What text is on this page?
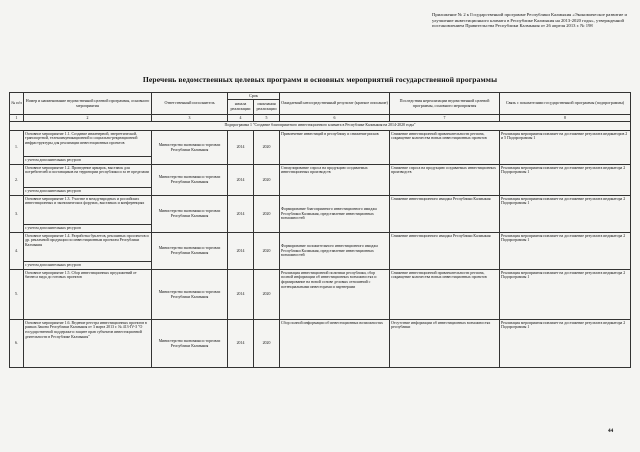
Приложение № 2 к Государственной программе Республики Калмыкия «Экономическое развитие и улучшение инвестиционного климата в Республике Калмыкия на 2013-2020 годы», утвержденной постановлением Правительства Республики Калмыкия от 26 апреля 2013 г. № 198
Перечень ведомственных целевых программ и основных мероприятий государственной программы
№ п/п	Номер и наименование ведомственной целевой программы, основного мероприятия	Ответственный исполнитель	Срок		Ожидаемый непосредственный результат (краткое описание)	Последствия нереализации ведомственной целевой программы, основного мероприятия	Связь с показателями государственной программы (подпрограммы)
			начала реализации	окончания реализации			
1	2	3	4	5	6	7	8
Подпрограмма 1 "Создание благоприятного инвестиционного климата в Республике Калмыкия на 2014-2020 годы"							
1.	Основное мероприятие 1.1. Создание инженерной, энергетической, транспортной, телекоммуникационной и социально-рекреационной инфраструктуры для реализации инвестиционных проектов	Министерство экономики и торговли Республики Калмыкия	2014	2020	Привлечение инвестиций в республику и снижение рисков	Снижение инвестиционной привлекательности региона, сокращение количества новых инвестиционных проектов	Реализация мероприятия повлияет на достижение результата индикаторов 2 и 5 Подпрограммы 1
	с учетом дополнительных ресурсов						
2.	Основное мероприятие 1.2. Проведение ярмарок, выставок для потребителей и поставщиков на территории республики и за ее пределами	Министерство экономики и торговли Республики Калмыкия	2014	2020	Стимулирование спроса на продукцию создаваемых инвестиционных производств	Снижение спроса на продукцию создаваемых инвестиционных производств	Реализация мероприятия повлияет на достижение результата индикатора 2 Подпрограммы 1
	с учетом дополнительных ресурсов						
3.	Основное мероприятие 1.3. Участие в международных и российских инвестиционных и экономических форумах, выставках и конференциях	Министерство экономики и торговли Республики Калмыкия	2014	2020	Формирование благоприятного инвестиционного имиджа Республики Калмыкия, представление инвестиционных возможностей	Снижение инвестиционного имиджа Республики Калмыкия	Реализация мероприятия повлияет на достижение результата индикатора 2 Подпрограммы 1
	с учетом дополнительных ресурсов						
4.	Основное мероприятие 1.4. Разработка буклетов, рекламных проспектов и др. рекламной продукции по инвестиционным проектам Республики Калмыкия	Министерство экономики и торговли Республики Калмыкия	2014	2020	Формирование положительного инвестиционного имиджа Республики Калмыкия, представление инвестиционных возможностей	Снижение инвестиционного имиджа Республики Калмыкия	Реализация мероприятия повлияет на достижение результата индикатора 2 Подпрограммы 1
	с учетом дополнительных ресурсов						
5.	Основное мероприятие 1.5. Сбор инвестиционных предложений от бизнеса вида до готовых проектов	Министерство экономики и торговли Республики Калмыкия	2014	2020	Реализация инвестиционной политики республики, сбор полной информации об инвестиционных возможностях и формирование на новой основе деловых отношений с потенциальными инвесторами и партнерами	Снижение инвестиционной привлекательности региона, сокращение количества новых инвестиционных проектов	Реализация мероприятия повлияет на достижение результата индикатора 2 Подпрограммы 1
6.	Основное мероприятие 1.6. Ведение реестра инвестиционных проектов в рамках Закона Республики Калмыкия от 3 марта 2013 г. № 413-IV-З "О государственной поддержке и защите прав субъектов инвестиционной деятельности в Республике Калмыкия"	Министерство экономики и торговли Республики Калмыкия	2014	2020	Сбор полной информации об инвестиционных возможностях	Отсутствие информации об инвестиционных возможностях республики	Реализация мероприятия повлияет на достижение результата индикатора 2 Подпрограммы 1
44
